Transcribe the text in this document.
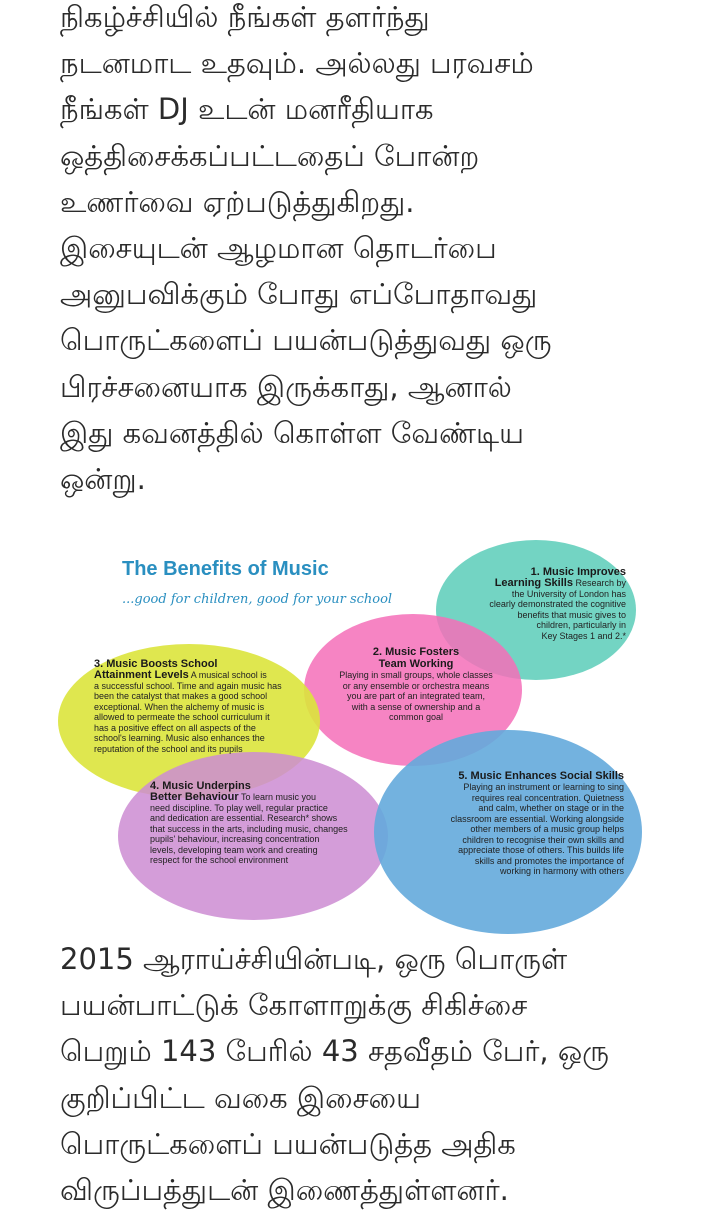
நிகழ்ச்சியில் நீங்கள் தளர்ந்து
நடனமாட உதவும். அல்லது பரவசம்
நீங்கள் DJ உடன் மனரீதியாக
ஒத்திசைக்கப்பட்டதைப் போன்ற
உணர்வை ஏற்படுத்துகிறது.
இசையுடன் ஆழமான தொடர்பை
அனுபவிக்கும் போது எப்போதாவது
பொருட்களைப் பயன்படுத்துவது ஒரு
பிரச்சனையாக இருக்காது, ஆனால்
இது கவனத்தில் கொள்ள வேண்டிய
ஒன்று.
The Benefits of Music
...good for children, good for your school
1. Music Improves
Learning Skills Research by
the University of London has
clearly demonstrated the cognitive
benefits that music gives to
children, particularly in
Key Stages 1 and 2.*
2. Music Fosters
Team Working
Playing in small groups, whole classes
or any ensemble or orchestra means
you are part of an integrated team,
with a sense of ownership and a
common goal
3. Music Boosts School
Attainment Levels A musical school is
a successful school. Time and again music has
been the catalyst that makes a good school
exceptional. When the alchemy of music is
allowed to permeate the school curriculum it
has a positive effect on all aspects of the
school's learning. Music also enhances the
reputation of the school and its pupils
4. Music Underpins
Better Behaviour To learn music you
need discipline. To play well, regular practice
and dedication are essential. Research* shows
that success in the arts, including music, changes
pupils' behaviour, increasing concentration
levels, developing team work and creating
respect for the school environment
5. Music Enhances Social Skills
Playing an instrument or learning to sing
requires real concentration. Quietness
and calm, whether on stage or in the
classroom are essential. Working alongside
other members of a music group helps
children to recognise their own skills and
appreciate those of others. This builds life
skills and promotes the importance of
working in harmony with others
2015 ஆராய்ச்சியின்படி, ஒரு பொருள்
பயன்பாட்டுக் கோளாறுக்கு சிகிச்சை
பெறும் 143 பேரில் 43 சதவீதம் பேர், ஒரு
குறிப்பிட்ட வகை இசையை
பொருட்களைப் பயன்படுத்த அதிக
விருப்பத்துடன் இணைத்துள்ளனர்.
